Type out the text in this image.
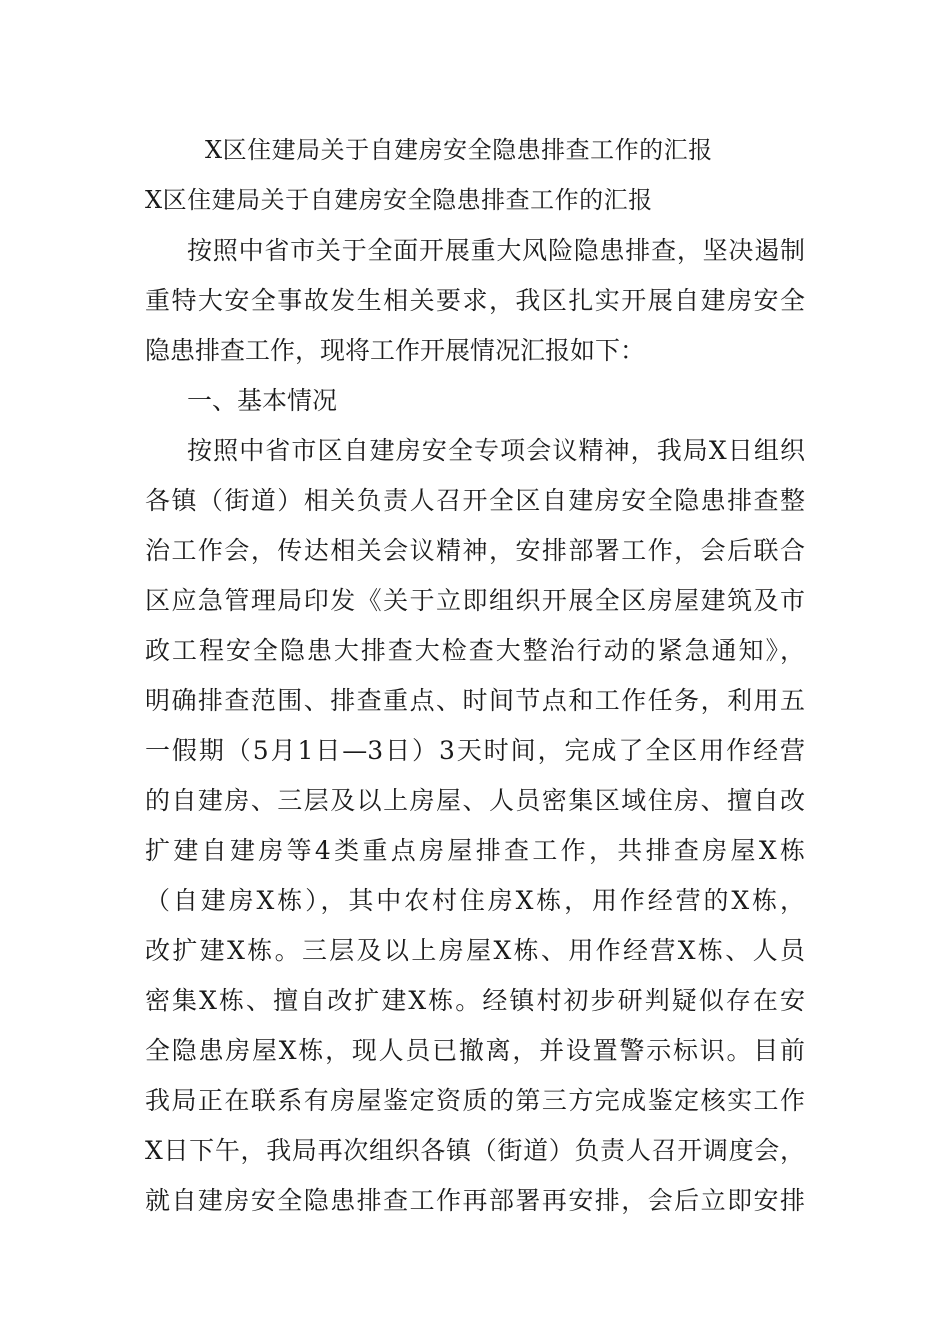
X区住建局关于自建房安全隐患排查工作的汇报
X区住建局关于自建房安全隐患排查工作的汇报
按照中省市关于全面开展重大风险隐患排查，坚决遏制
重特大安全事故发生相关要求，我区扎实开展自建房安全
隐患排查工作，现将工作开展情况汇报如下：
一、基本情况
按照中省市区自建房安全专项会议精神，我局X日组织
各镇（街道）相关负责人召开全区自建房安全隐患排查整
治工作会，传达相关会议精神，安排部署工作，会后联合
区应急管理局印发《关于立即组织开展全区房屋建筑及市
政工程安全隐患大排查大检查大整治行动的紧急通知》，
明确排查范围、排查重点、时间节点和工作任务，利用五
一假期（5月1日—3日）3天时间，完成了全区用作经营
的自建房、三层及以上房屋、人员密集区域住房、擅自改
扩建自建房等4类重点房屋排查工作，共排查房屋X栋
（自建房X栋），其中农村住房X栋，用作经营的X栋，
改扩建X栋。三层及以上房屋X栋、用作经营X栋、人员
密集X栋、擅自改扩建X栋。经镇村初步研判疑似存在安
全隐患房屋X栋，现人员已撤离，并设置警示标识。目前
我局正在联系有房屋鉴定资质的第三方完成鉴定核实工作
X日下午，我局再次组织各镇（街道）负责人召开调度会，
就自建房安全隐患排查工作再部署再安排，会后立即安排
